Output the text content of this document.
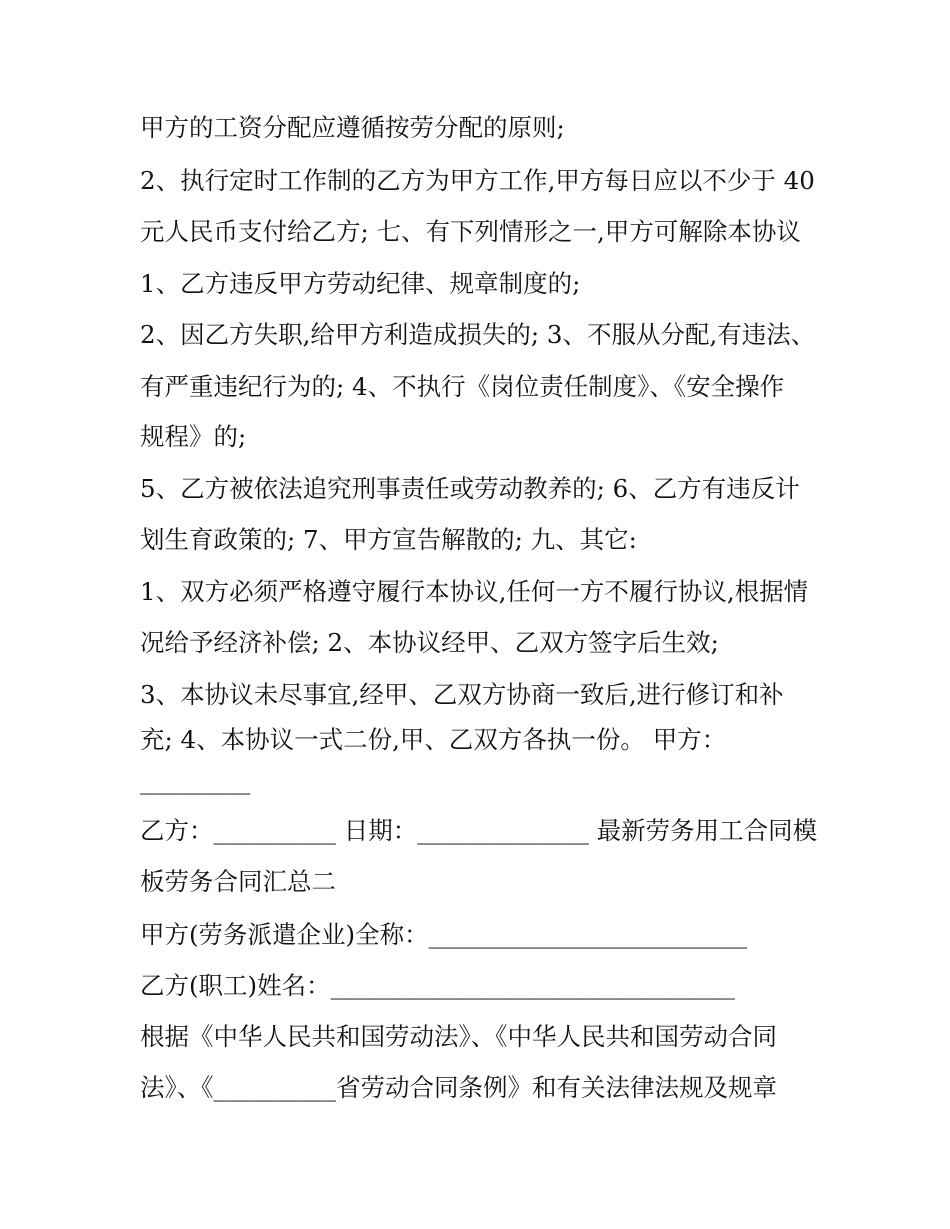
甲方的工资分配应遵循按劳分配的原则;
2、执行定时工作制的乙方为甲方工作,甲方每日应以不少于 40
元人民币支付给乙方; 七、有下列情形之一,甲方可解除本协议
1、乙方违反甲方劳动纪律、规章制度的;
2、因乙方失职,给甲方利造成损失的; 3、不服从分配,有违法、
有严重违纪行为的; 4、不执行《岗位责任制度》、《安全操作
规程》的;
5、乙方被依法追究刑事责任或劳动教养的; 6、乙方有违反计
划生育政策的; 7、甲方宣告解散的; 九、其它:
1、双方必须严格遵守履行本协议,任何一方不履行协议,根据情
况给予经济补偿; 2、本协议经甲、乙双方签字后生效;
3、本协议未尽事宜,经甲、乙双方协商一致后,进行修订和补
充; 4、本协议一式二份,甲、乙双方各执一份。 甲方：
_________
乙方：__________ 日期：______________ 最新劳务用工合同模
板劳务合同汇总二
甲方(劳务派遣企业)全称：__________________________
乙方(职工)姓名：_________________________________
根据《中华人民共和国劳动法》、《中华人民共和国劳动合同
法》、《__________省劳动合同条例》和有关法律法规及规章
